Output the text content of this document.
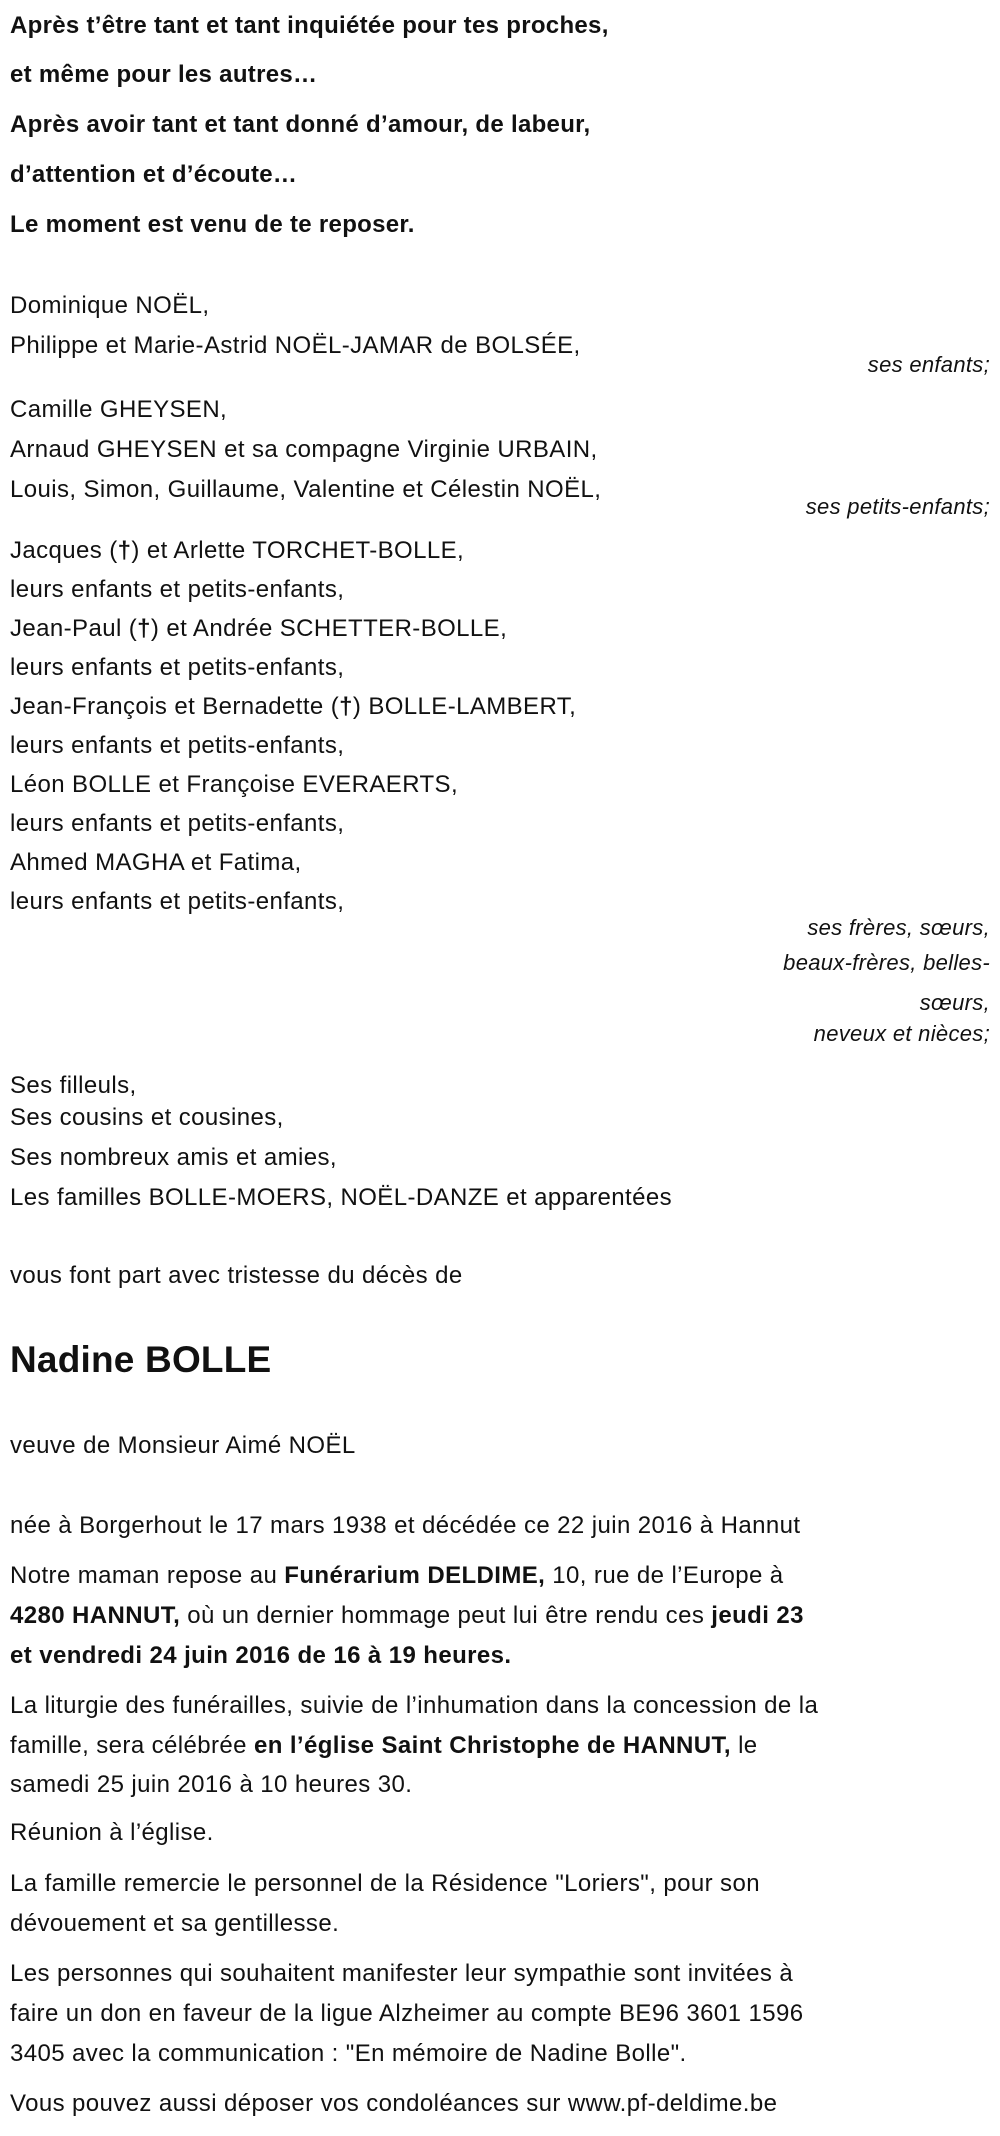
Après t’être tant et tant inquiétée pour tes proches,
et même pour les autres…
Après avoir tant et tant donné d’amour, de labeur,
d’attention et d’écoute…
Le moment est venu de te reposer.
Dominique NOËL,
Philippe et Marie-Astrid NOËL-JAMAR de BOLSÉE,
ses enfants;
Camille GHEYSEN,
Arnaud GHEYSEN et sa compagne Virginie URBAIN,
Louis, Simon, Guillaume, Valentine et Célestin NOËL,
ses petits-enfants;
Jacques (†) et Arlette TORCHET-BOLLE,
leurs enfants et petits-enfants,
Jean-Paul (†) et Andrée SCHETTER-BOLLE,
leurs enfants et petits-enfants,
Jean-François et Bernadette (†) BOLLE-LAMBERT,
leurs enfants et petits-enfants,
Léon BOLLE et Françoise EVERAERTS,
leurs enfants et petits-enfants,
Ahmed MAGHA et Fatima,
leurs enfants et petits-enfants,
ses frères, sœurs,
beaux-frères, belles-
sœurs,
neveux et nièces;
Ses filleuls,
Ses cousins et cousines,
Ses nombreux amis et amies,
Les familles BOLLE-MOERS, NOËL-DANZE et apparentées
vous font part avec tristesse du décès de
Nadine BOLLE
veuve de Monsieur Aimé NOËL
née à Borgerhout le 17 mars 1938 et décédée ce 22 juin 2016 à Hannut
Notre maman repose au Funérarium DELDIME, 10, rue de l’Europe à
4280 HANNUT, où un dernier hommage peut lui être rendu ces jeudi 23
et vendredi 24 juin 2016 de 16 à 19 heures.
La liturgie des funérailles, suivie de l’inhumation dans la concession de la
famille, sera célébrée en l’église Saint Christophe de HANNUT, le
samedi 25 juin 2016 à 10 heures 30.
Réunion à l’église.
La famille remercie le personnel de la Résidence "Loriers", pour son
dévouement et sa gentillesse.
Les personnes qui souhaitent manifester leur sympathie sont invitées à
faire un don en faveur de la ligue Alzheimer au compte BE96 3601 1596
3405 avec la communication : "En mémoire de Nadine Bolle".
Vous pouvez aussi déposer vos condoléances sur www.pf-deldime.be
